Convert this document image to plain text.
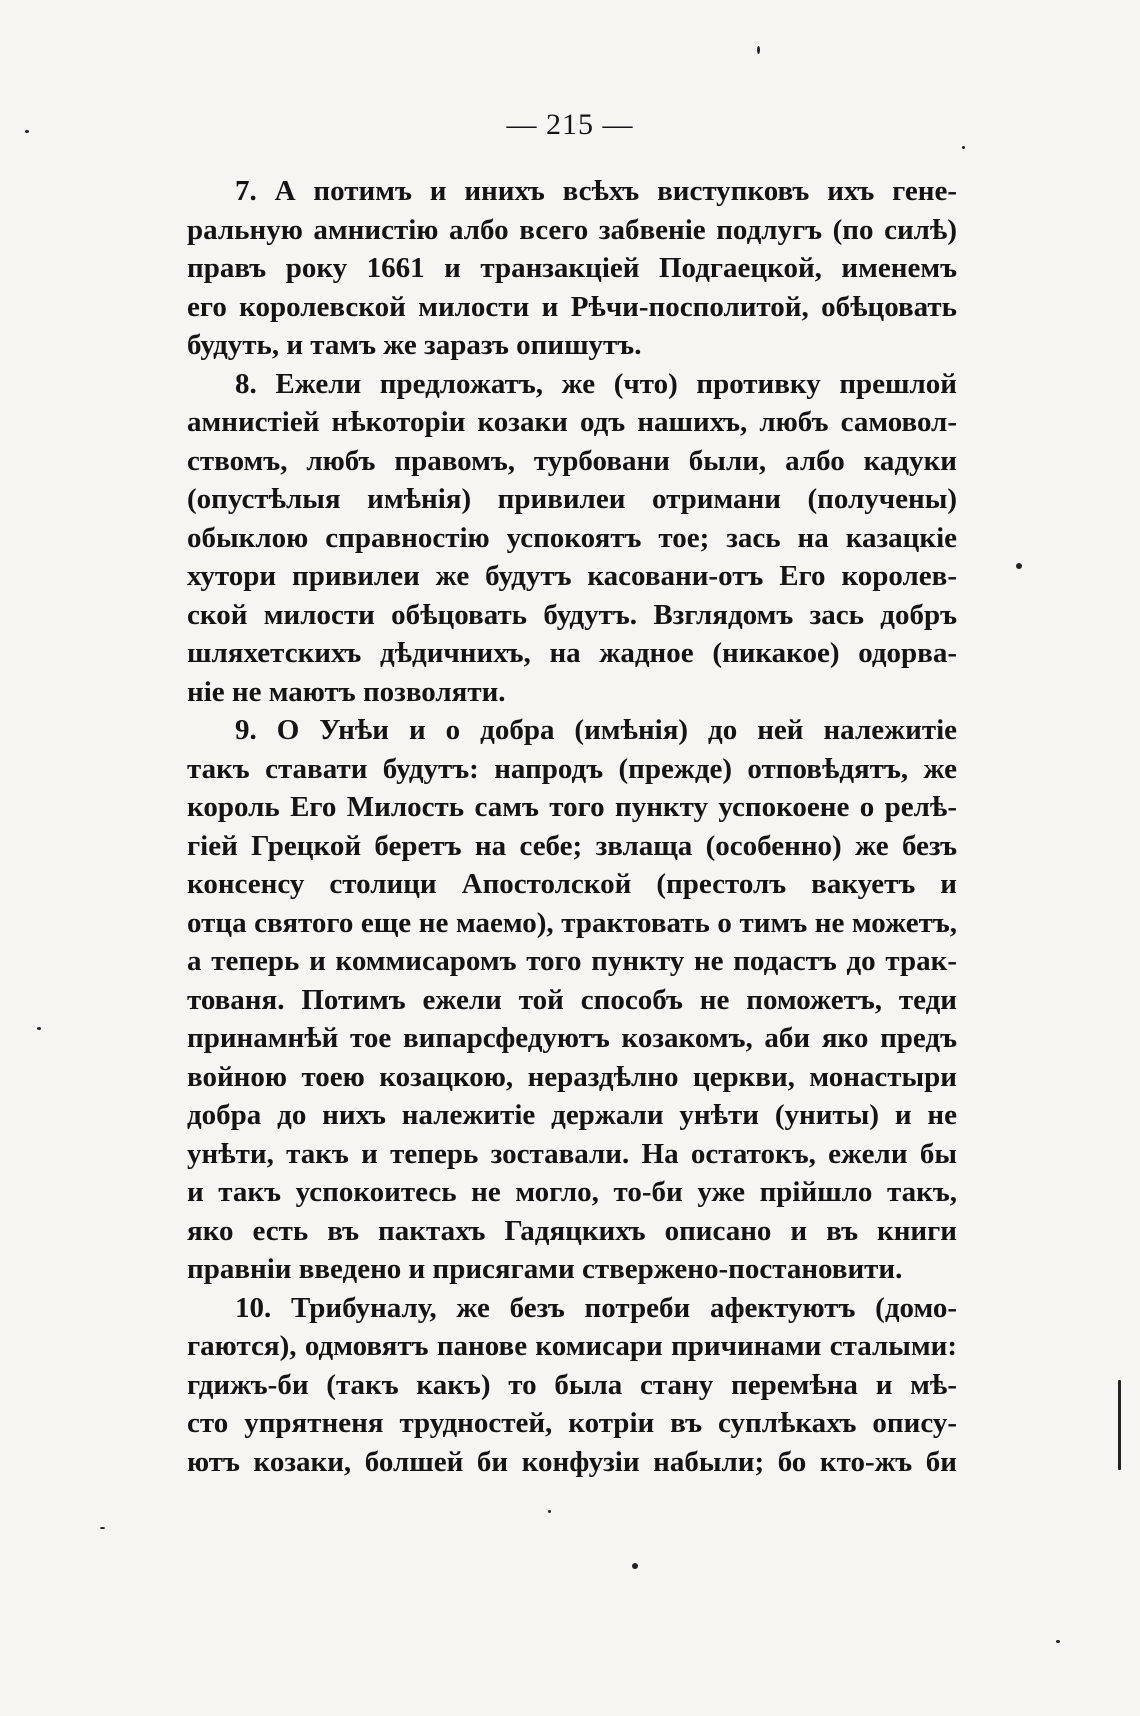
— 215 —
7. А потимъ и инихъ всѣхъ виступковъ ихъ гене-
ральную амнистію албо всего забвеніе подлугъ (по силѣ)
правъ року 1661 и транзакціей Подгаецкой, именемъ
его королевской милости и Рѣчи-посполитой, обѣцовать
будуть, и тамъ же заразъ опишутъ.
8. Ежели предложатъ, же (что) противку прешлой
амнистіей нѣкоторіи козаки одъ нашихъ, любъ самовол-
ствомъ, любъ правомъ, турбовани были, албо кадуки
(опустѣлыя имѣнія) привилеи отримани (получены)
обыклою справностію успокоятъ тое; зась на казацкіе
хутори привилеи же будутъ касовани-отъ Его королев-
ской милости обѣцовать будутъ. Взглядомъ зась добръ
шляхетскихъ дѣдичнихъ, на жадное (никакое) одорва-
ніе не маютъ позволяти.
9. О Унѣи и о добра (имѣнія) до ней належитіе
такъ ставати будутъ: напродъ (прежде) отповѣдятъ, же
король Его Милость самъ того пункту успокоене о релѣ-
гіей Грецкой беретъ на себе; звлаща (особенно) же безъ
консенсу столици Апостолской (престолъ вакуетъ и
отца святого еще не маемо), трактовать о тимъ не можетъ,
а теперь и коммисаромъ того пункту не подастъ до трак-
тованя. Потимъ ежели той способъ не поможетъ, теди
принамнѣй тое випарсфедуютъ козакомъ, аби яко предъ
войною тоею козацкою, нераздѣлно церкви, монастыри
добра до нихъ належитіе держали унѣти (униты) и не
унѣти, такъ и теперь зоставали. На остатокъ, ежели бы
и такъ успокоитесь не могло, то-би уже прійшло такъ,
яко есть въ пактахъ Гадяцкихъ описано и въ книги
правніи введено и присягами стверженo-постановити.
10. Трибуналу, же безъ потреби афектуютъ (домо-
гаются), одмовятъ панове комисари причинами сталыми:
гдижъ-би (такъ какъ) то была стану перемѣна и мѣ-
сто упрятненя трудностей, котріи въ суплѣкахъ опису-
ютъ козаки, болшей би конфузіи набыли; бо кто-жъ би
